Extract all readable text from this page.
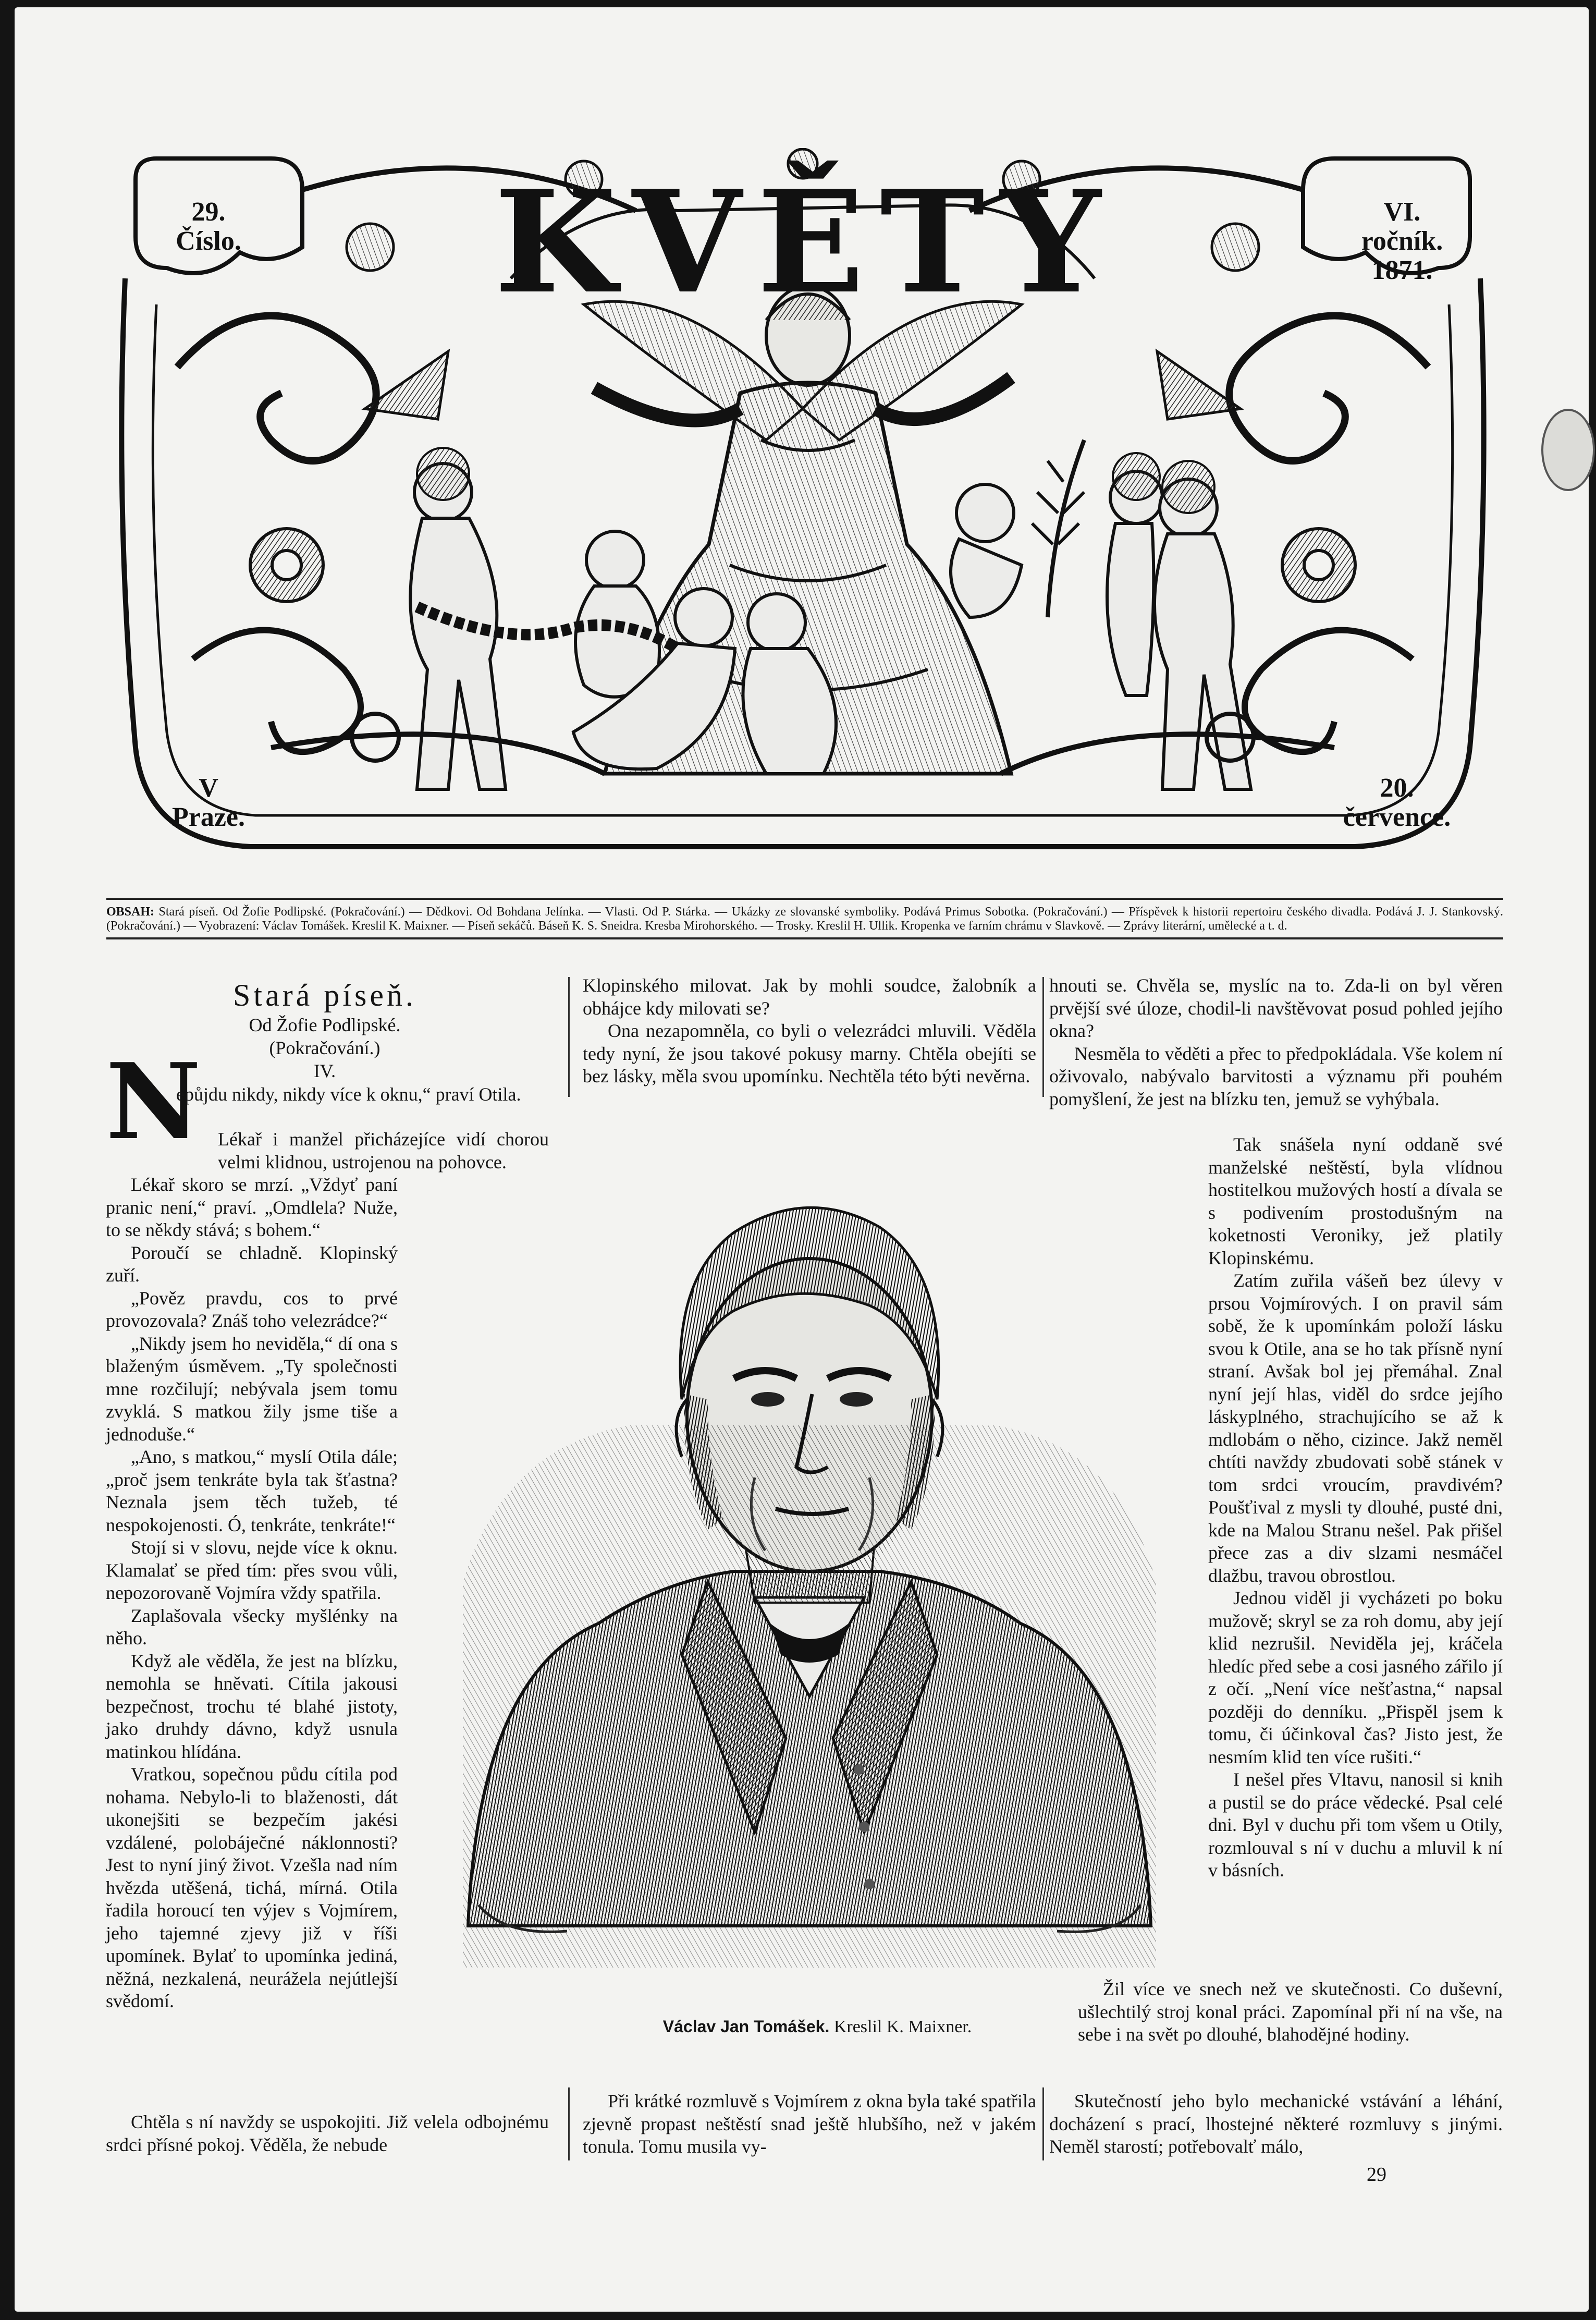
29.
Číslo.
VI.
ročník.
1871.
KVĚTY
V
Praze.
20.
července.
OBSAH: Stará píseň. Od Žofie Podlipské. (Pokračování.) — Dědkovi. Od Bohdana Jelínka. — Vlasti. Od P. Stárka. — Ukázky ze slovanské symboliky. Podává Primus Sobotka. (Pokračování.) — Příspěvek k historii repertoiru českého divadla. Podává J. J. Stankovský. (Pokračování.) — Vyobrazení: Václav Tomášek. Kreslil K. Maixner. — Píseň sekáčů. Báseň K. S. Sneidra. Kresba Mirohorského. — Trosky. Kreslil H. Ullik. Kropenka ve farním chrámu v Slavkově. — Zprávy literární, umělecké a t. d.
Stará píseň.
Od Žofie Podlipské.
(Pokračování.)
IV.
N

epůjdu nikdy, nikdy více k oknu,“ praví Otila.

Lékař i manžel přicházejíce vidí chorou velmi klidnou, ustrojenou na pohovce.

Lékař skoro se mrzí. „Vždyť paní pranic není,“ praví. „Omdlela? Nuže, to se někdy stává; s bohem.“

Poroučí se chladně. Klopinský zuří.

„Pověz pravdu, cos to prvé provozovala? Znáš toho velezrádce?“

„Nikdy jsem ho neviděla,“ dí ona s blaženým úsměvem. „Ty společnosti mne rozčilují; nebývala jsem tomu zvyklá. S matkou žily jsme tiše a jednoduše.“

„Ano, s matkou,“ myslí Otila dále; „proč jsem tenkráte byla tak šťastna? Neznala jsem těch tužeb, té nespokojenosti. Ó, tenkráte, tenkráte!“

Stojí si v slovu, nejde více k oknu. Klamalať se před tím: přes svou vůli, nepozorovaně Vojmíra vždy spatřila.

Zaplašovala všecky myšlénky na něho.

Když ale věděla, že jest na blízku, nemohla se hněvati. Cítila jakousi bezpečnost, trochu té blahé jistoty, jako druhdy dávno, když usnula matinkou hlídána.

Vratkou, sopečnou půdu cítila pod nohama. Nebylo-li to blaženosti, dát ukonejšiti se bezpečím jakési vzdálené, polobáječné náklonnosti? Jest to nyní jiný život. Vzešla nad ním hvězda utěšená, tichá, mírná. Otila řadila horoucí ten výjev s Vojmírem, jeho tajemné zjevy již v říši upomínek. Bylať to upomínka jediná, něžná, nezkalená, neurážela nejútlejší svědomí.

Chtěla s ní navždy se uspokojiti. Již velela odbojnému srdci přísné pokoj. Věděla, že nebude

Klopinského milovat. Jak by mohli soudce, žalobník a obhájce kdy milovati se?

Ona nezapomněla, co byli o velezrádci mluvili. Věděla tedy nyní, že jsou takové pokusy marny. Chtěla obejíti se bez lásky, měla svou upomínku. Nechtěla této býti nevěrna.

hnouti se. Chvěla se, myslíc na to. Zda-li on byl věren prvější své úloze, chodil-li navštěvovat posud pohled jejího okna?

Nesměla to věděti a přec to předpokládala. Vše kolem ní oživovalo, nabývalo barvitosti a významu při pouhém pomyšlení, že jest na blízku ten, jemuž se vyhýbala.

Tak snášela nyní oddaně své manželské neštěstí, byla vlídnou hostitelkou mužových hostí a dívala se s podivením prostodušným na koketnosti Veroniky, jež platily Klopinskému.

Zatím zuřila vášeň bez úlevy v prsou Vojmírových. I on pravil sám sobě, že k upomínkám položí lásku svou k Otile, ana se ho tak přísně nyní straní. Avšak bol jej přemáhal. Znal nyní její hlas, viděl do srdce jejího láskyplného, strachujícího se až k mdlobám o něho, cizince. Jakž neměl chtíti navždy zbudovati sobě stánek v tom srdci vroucím, pravdivém? Poušťival z mysli ty dlouhé, pusté dni, kde na Malou Stranu nešel. Pak přišel přece zas a div slzami nesmáčel dlažbu, travou obrostlou.

Jednou viděl ji vycházeti po boku mužově; skryl se za roh domu, aby její klid nezrušil. Neviděla jej, kráčela hledíc před sebe a cosi jasného zářilo jí z očí. „Není více nešťastna,“ napsal později do denníku. „Přispěl jsem k tomu, či účinkoval čas? Jisto jest, že nesmím klid ten více rušiti.“

I nešel přes Vltavu, nanosil si knih a pustil se do práce vědecké. Psal celé dni. Byl v duchu při tom všem u Otily, rozmlouval s ní v duchu a mluvil k ní v básních.

Žil více ve snech než ve skutečnosti. Co duševní, ušlechtilý stroj konal práci. Zapomínal při ní na vše, na sebe i na svět po dlouhé, blahodějné hodiny.

Václav Jan Tomášek. Kreslil K. Maixner.

Při krátké rozmluvě s Vojmírem z okna byla také spatřila zjevně propast neštěstí snad ještě hlubšího, než v jakém tonula. Tomu musila vy-

Skutečností jeho bylo mechanické vstávání a léhání, docházení s prací, lhostejné některé rozmluvy s jinými. Neměl starostí; potřebovalť málo,

29
